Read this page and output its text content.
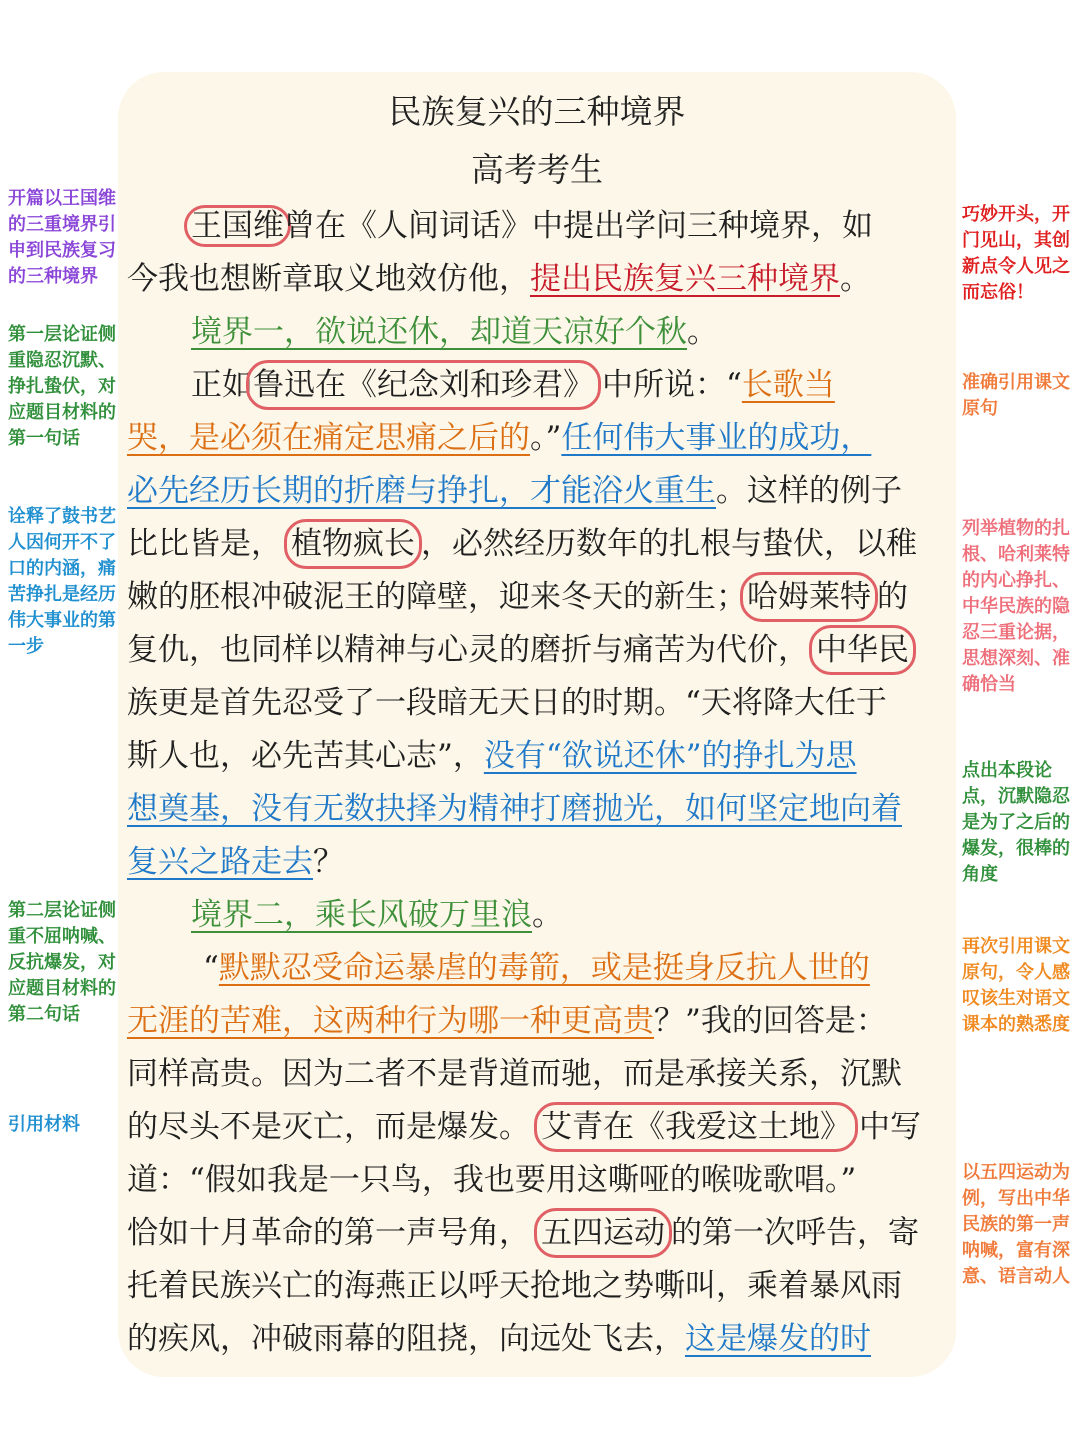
民族复兴的三种境界
高考考生
王国维曾在《人间词话》中提出学问三种境界，如
今我也想断章取义地效仿他， 提出民族复兴三种境界 。
境界一，欲说还休，却道天凉好个秋 。
正如 鲁迅在《纪念刘和珍君》 中所说：“ 长歌当
哭，是必须在痛定思痛之后的 。” 任何伟大事业的成功，
必先经历长期的折磨与挣扎，才能浴火重生 。这样的例子
比比皆是， 植物疯长 ，必然经历数年的扎根与蛰伏，以稚
嫩的胚根冲破泥王的障壁，迎来冬天的新生； 哈姆莱特 的
复仇，也同样以精神与心灵的磨折与痛苦为代价， 中华民
族更是首先忍受了一段暗无天日的时期。“天将降大任于
斯人也，必先苦其心志”， 没有“欲说还休”的挣扎为思
想奠基，没有无数抉择为精神打磨抛光，如何坚定地向着
复兴之路走去 ？
境界二，乘长风破万里浪 。
“ 默默忍受命运暴虐的毒箭，或是挺身反抗人世的
无涯的苦难，这两种行为哪一种更高贵 ？”我的回答是：
同样高贵。因为二者不是背道而驰，而是承接关系，沉默
的尽头不是灭亡，而是爆发。 艾青在《我爱这土地》 中写
道：“假如我是一只鸟，我也要用这嘶哑的喉咙歌唱。”
恰如十月革命的第一声号角， 五四运动 的第一次呼告，寄
托着民族兴亡的海燕正以呼天抢地之势嘶叫，乘着暴风雨
的疾风，冲破雨幕的阻挠，向远处飞去， 这是爆发的时
开篇以王国维的三重境界引申到民族复习的三种境界
第一层论证侧重隐忍沉默、挣扎蛰伏，对应题目材料的第一句话
诠释了鼓书艺人因何开不了口的内涵，痛苦挣扎是经历伟大事业的第一步
第二层论证侧重不屈呐喊、反抗爆发，对应题目材料的第二句话
引用材料
巧妙开头，开门见山，其创新点令人见之而忘俗！
准确引用课文原句
列举植物的扎根、哈利莱特的内心挣扎、中华民族的隐忍三重论据，思想深刻、准确恰当
点出本段论点，沉默隐忍是为了之后的爆发，很棒的角度
再次引用课文原句，令人感叹该生对语文课本的熟悉度
以五四运动为例，写出中华民族的第一声呐喊，富有深意、语言动人
